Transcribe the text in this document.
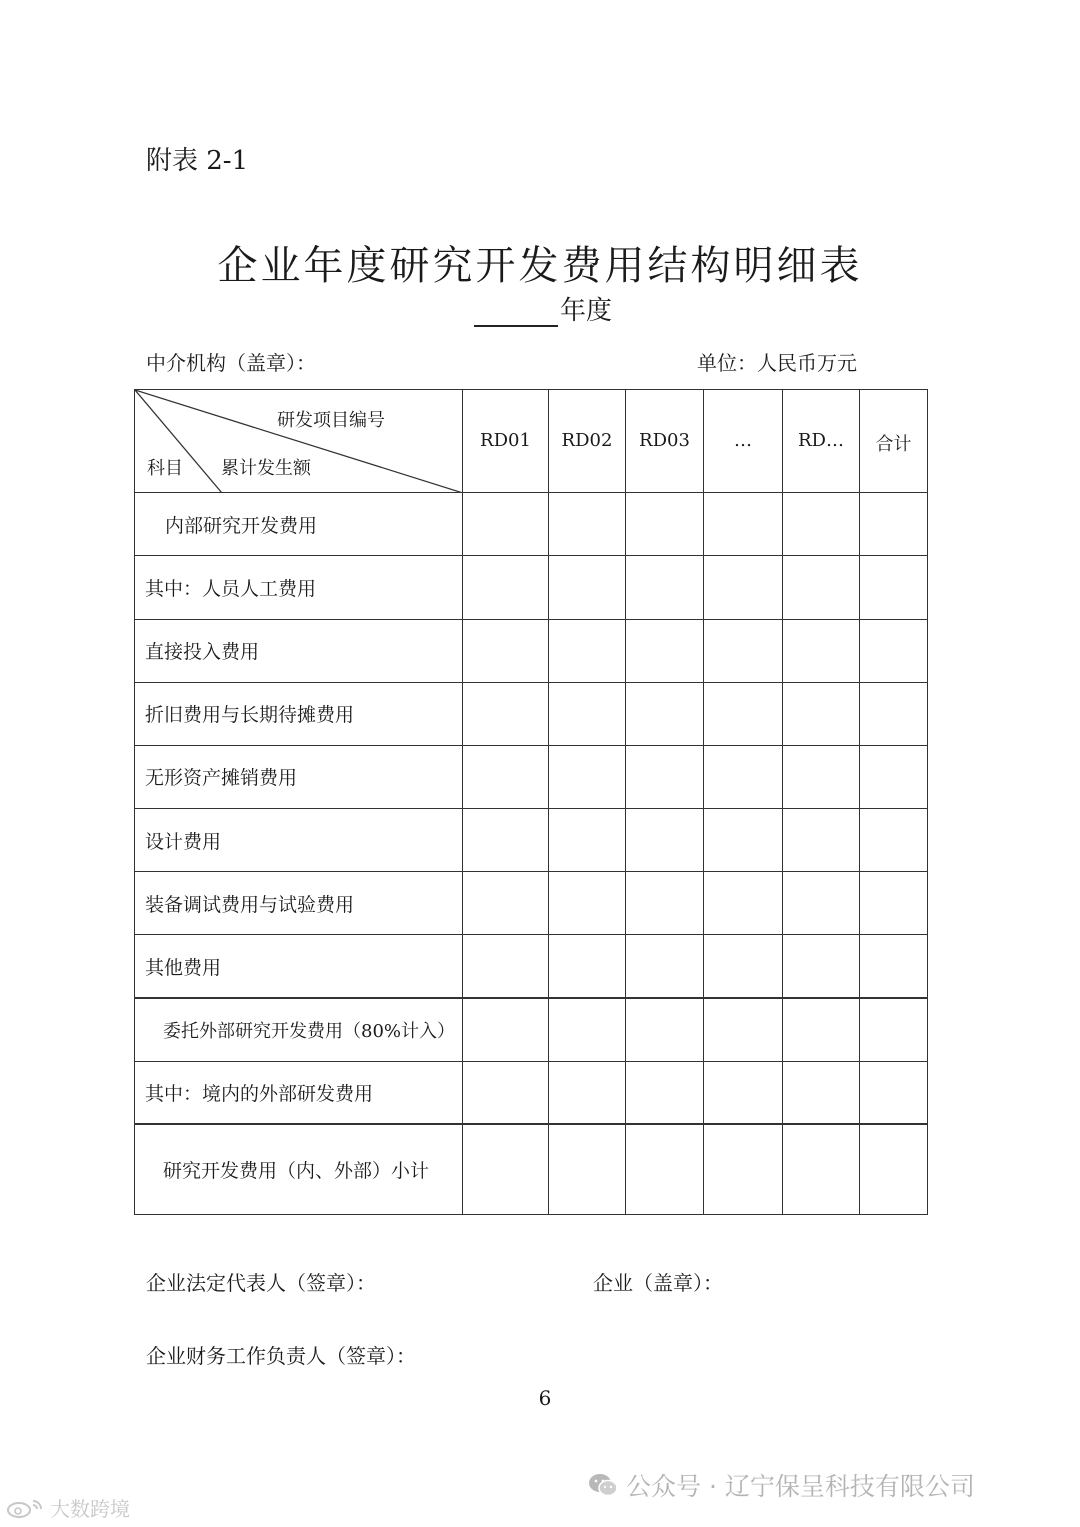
附表 2-1
企业年度研究开发费用结构明细表
年度
中介机构（盖章）：	单位：人民币万元
研发项目编号
科目 累计发生额	RD01	RD02	RD03	…	RD…	合计
内部研究开发费用						
其中：人员人工费用						
直接投入费用						
折旧费用与长期待摊费用						
无形资产摊销费用						
设计费用						
装备调试费用与试验费用						
其他费用						
委托外部研究开发费用（80%计入）						
其中：境内的外部研发费用						
研究开发费用（内、外部）小计						
企业法定代表人（签章）：	企业（盖章）：
企业财务工作负责人（签章）：
6
公众号 · 辽宁保呈科技有限公司
大数跨境
